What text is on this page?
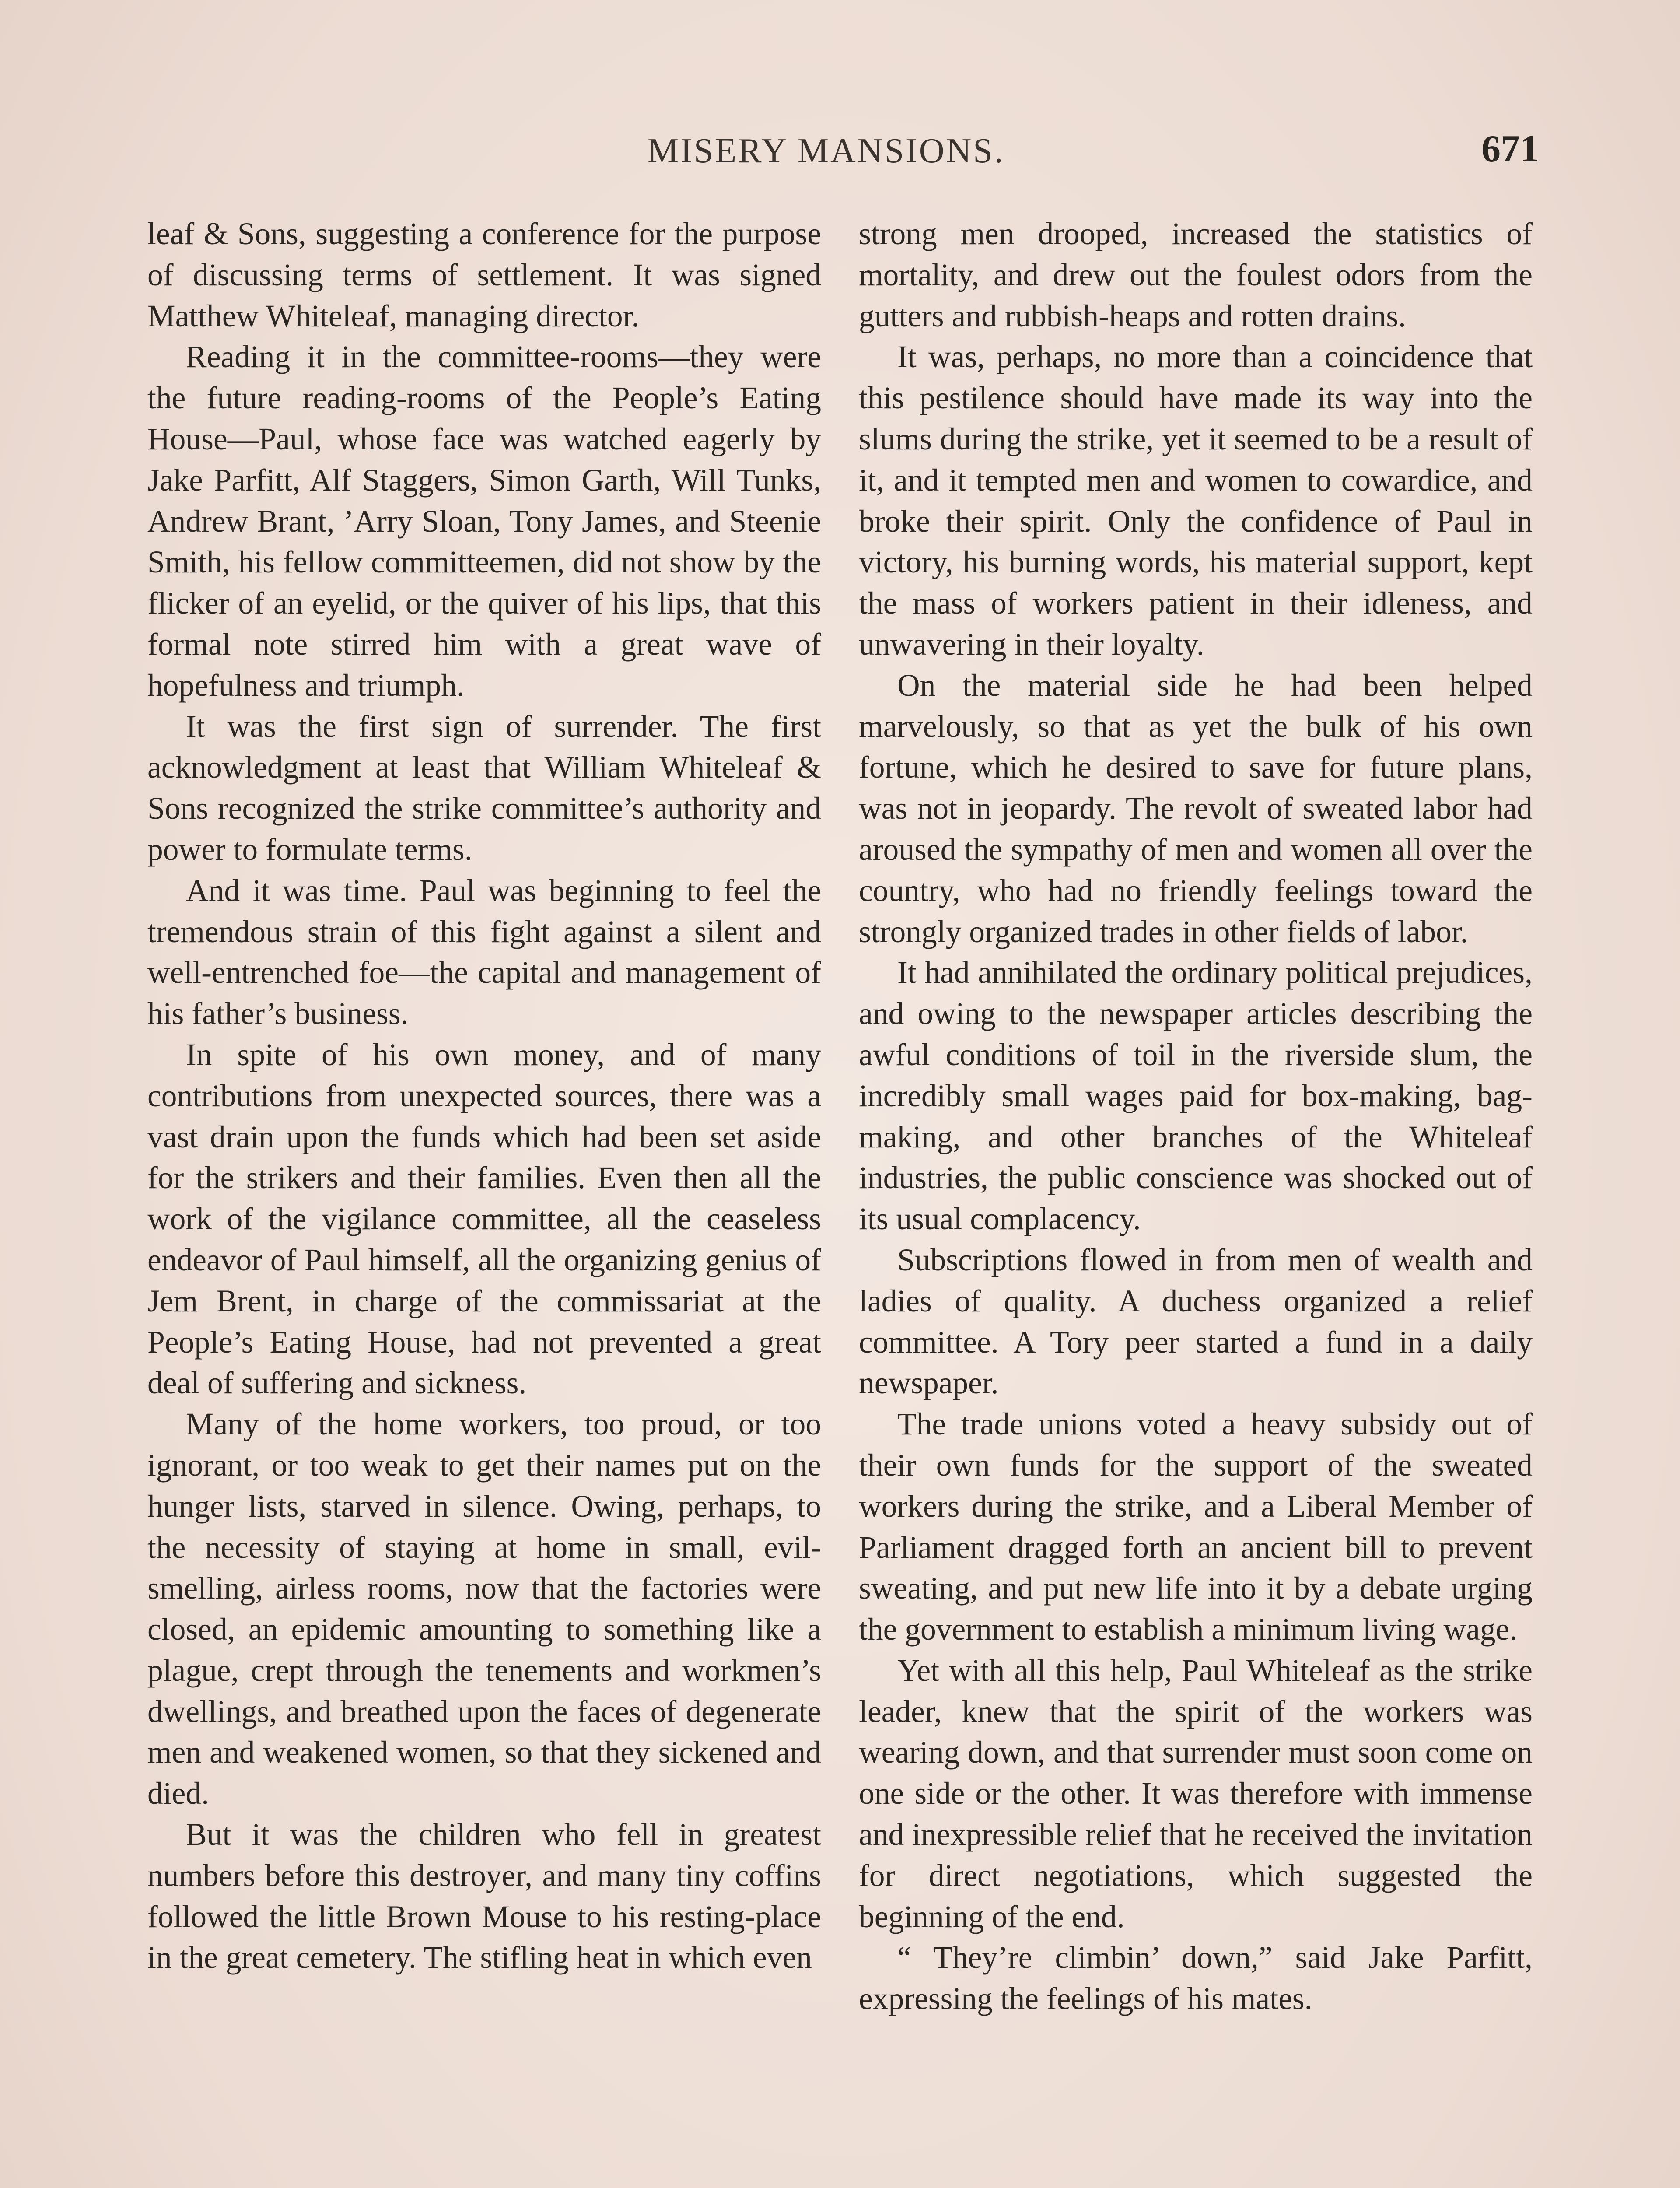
MISERY MANSIONS.	671

leaf & Sons, suggesting a conference for the purpose of discussing terms of settlement. It was signed Matthew Whiteleaf, managing director.

Reading it in the committee-rooms—they were the future reading-rooms of the People’s Eating House—Paul, whose face was watched eagerly by Jake Parfitt, Alf Staggers, Simon Garth, Will Tunks, Andrew Brant, ’Arry Sloan, Tony James, and Steenie Smith, his fellow committeemen, did not show by the flicker of an eyelid, or the quiver of his lips, that this formal note stirred him with a great wave of hopefulness and triumph.

It was the first sign of surrender. The first acknowledgment at least that William Whiteleaf & Sons recognized the strike committee’s authority and power to formulate terms.

And it was time. Paul was beginning to feel the tremendous strain of this fight against a silent and well-entrenched foe—the capital and management of his father’s business.

In spite of his own money, and of many contributions from unexpected sources, there was a vast drain upon the funds which had been set aside for the strikers and their families. Even then all the work of the vigilance committee, all the ceaseless endeavor of Paul himself, all the organizing genius of Jem Brent, in charge of the commissariat at the People’s Eating House, had not prevented a great deal of suffering and sickness.

Many of the home workers, too proud, or too ignorant, or too weak to get their names put on the hunger lists, starved in silence. Owing, perhaps, to the necessity of staying at home in small, evil-smelling, airless rooms, now that the factories were closed, an epidemic amounting to something like a plague, crept through the tenements and workmen’s dwellings, and breathed upon the faces of degenerate men and weakened women, so that they sickened and died.

But it was the children who fell in greatest numbers before this destroyer, and many tiny coffins followed the little Brown Mouse to his resting-place in the great cemetery. The stifling heat in which even

strong men drooped, increased the statistics of mortality, and drew out the foulest odors from the gutters and rubbish-heaps and rotten drains.

It was, perhaps, no more than a coincidence that this pestilence should have made its way into the slums during the strike, yet it seemed to be a result of it, and it tempted men and women to cowardice, and broke their spirit. Only the confidence of Paul in victory, his burning words, his material support, kept the mass of workers patient in their idleness, and unwavering in their loyalty.

On the material side he had been helped marvelously, so that as yet the bulk of his own fortune, which he desired to save for future plans, was not in jeopardy. The revolt of sweated labor had aroused the sympathy of men and women all over the country, who had no friendly feelings toward the strongly organized trades in other fields of labor.

It had annihilated the ordinary political prejudices, and owing to the newspaper articles describing the awful conditions of toil in the riverside slum, the incredibly small wages paid for box-making, bag-making, and other branches of the Whiteleaf industries, the public conscience was shocked out of its usual complacency.

Subscriptions flowed in from men of wealth and ladies of quality. A duchess organized a relief committee. A Tory peer started a fund in a daily newspaper.

The trade unions voted a heavy subsidy out of their own funds for the support of the sweated workers during the strike, and a Liberal Member of Parliament dragged forth an ancient bill to prevent sweating, and put new life into it by a debate urging the government to establish a minimum living wage.

Yet with all this help, Paul Whiteleaf as the strike leader, knew that the spirit of the workers was wearing down, and that surrender must soon come on one side or the other. It was therefore with immense and inexpressible relief that he received the invitation for direct negotiations, which suggested the beginning of the end.

“ They’re climbin’ down,” said Jake Parfitt, expressing the feelings of his mates.
